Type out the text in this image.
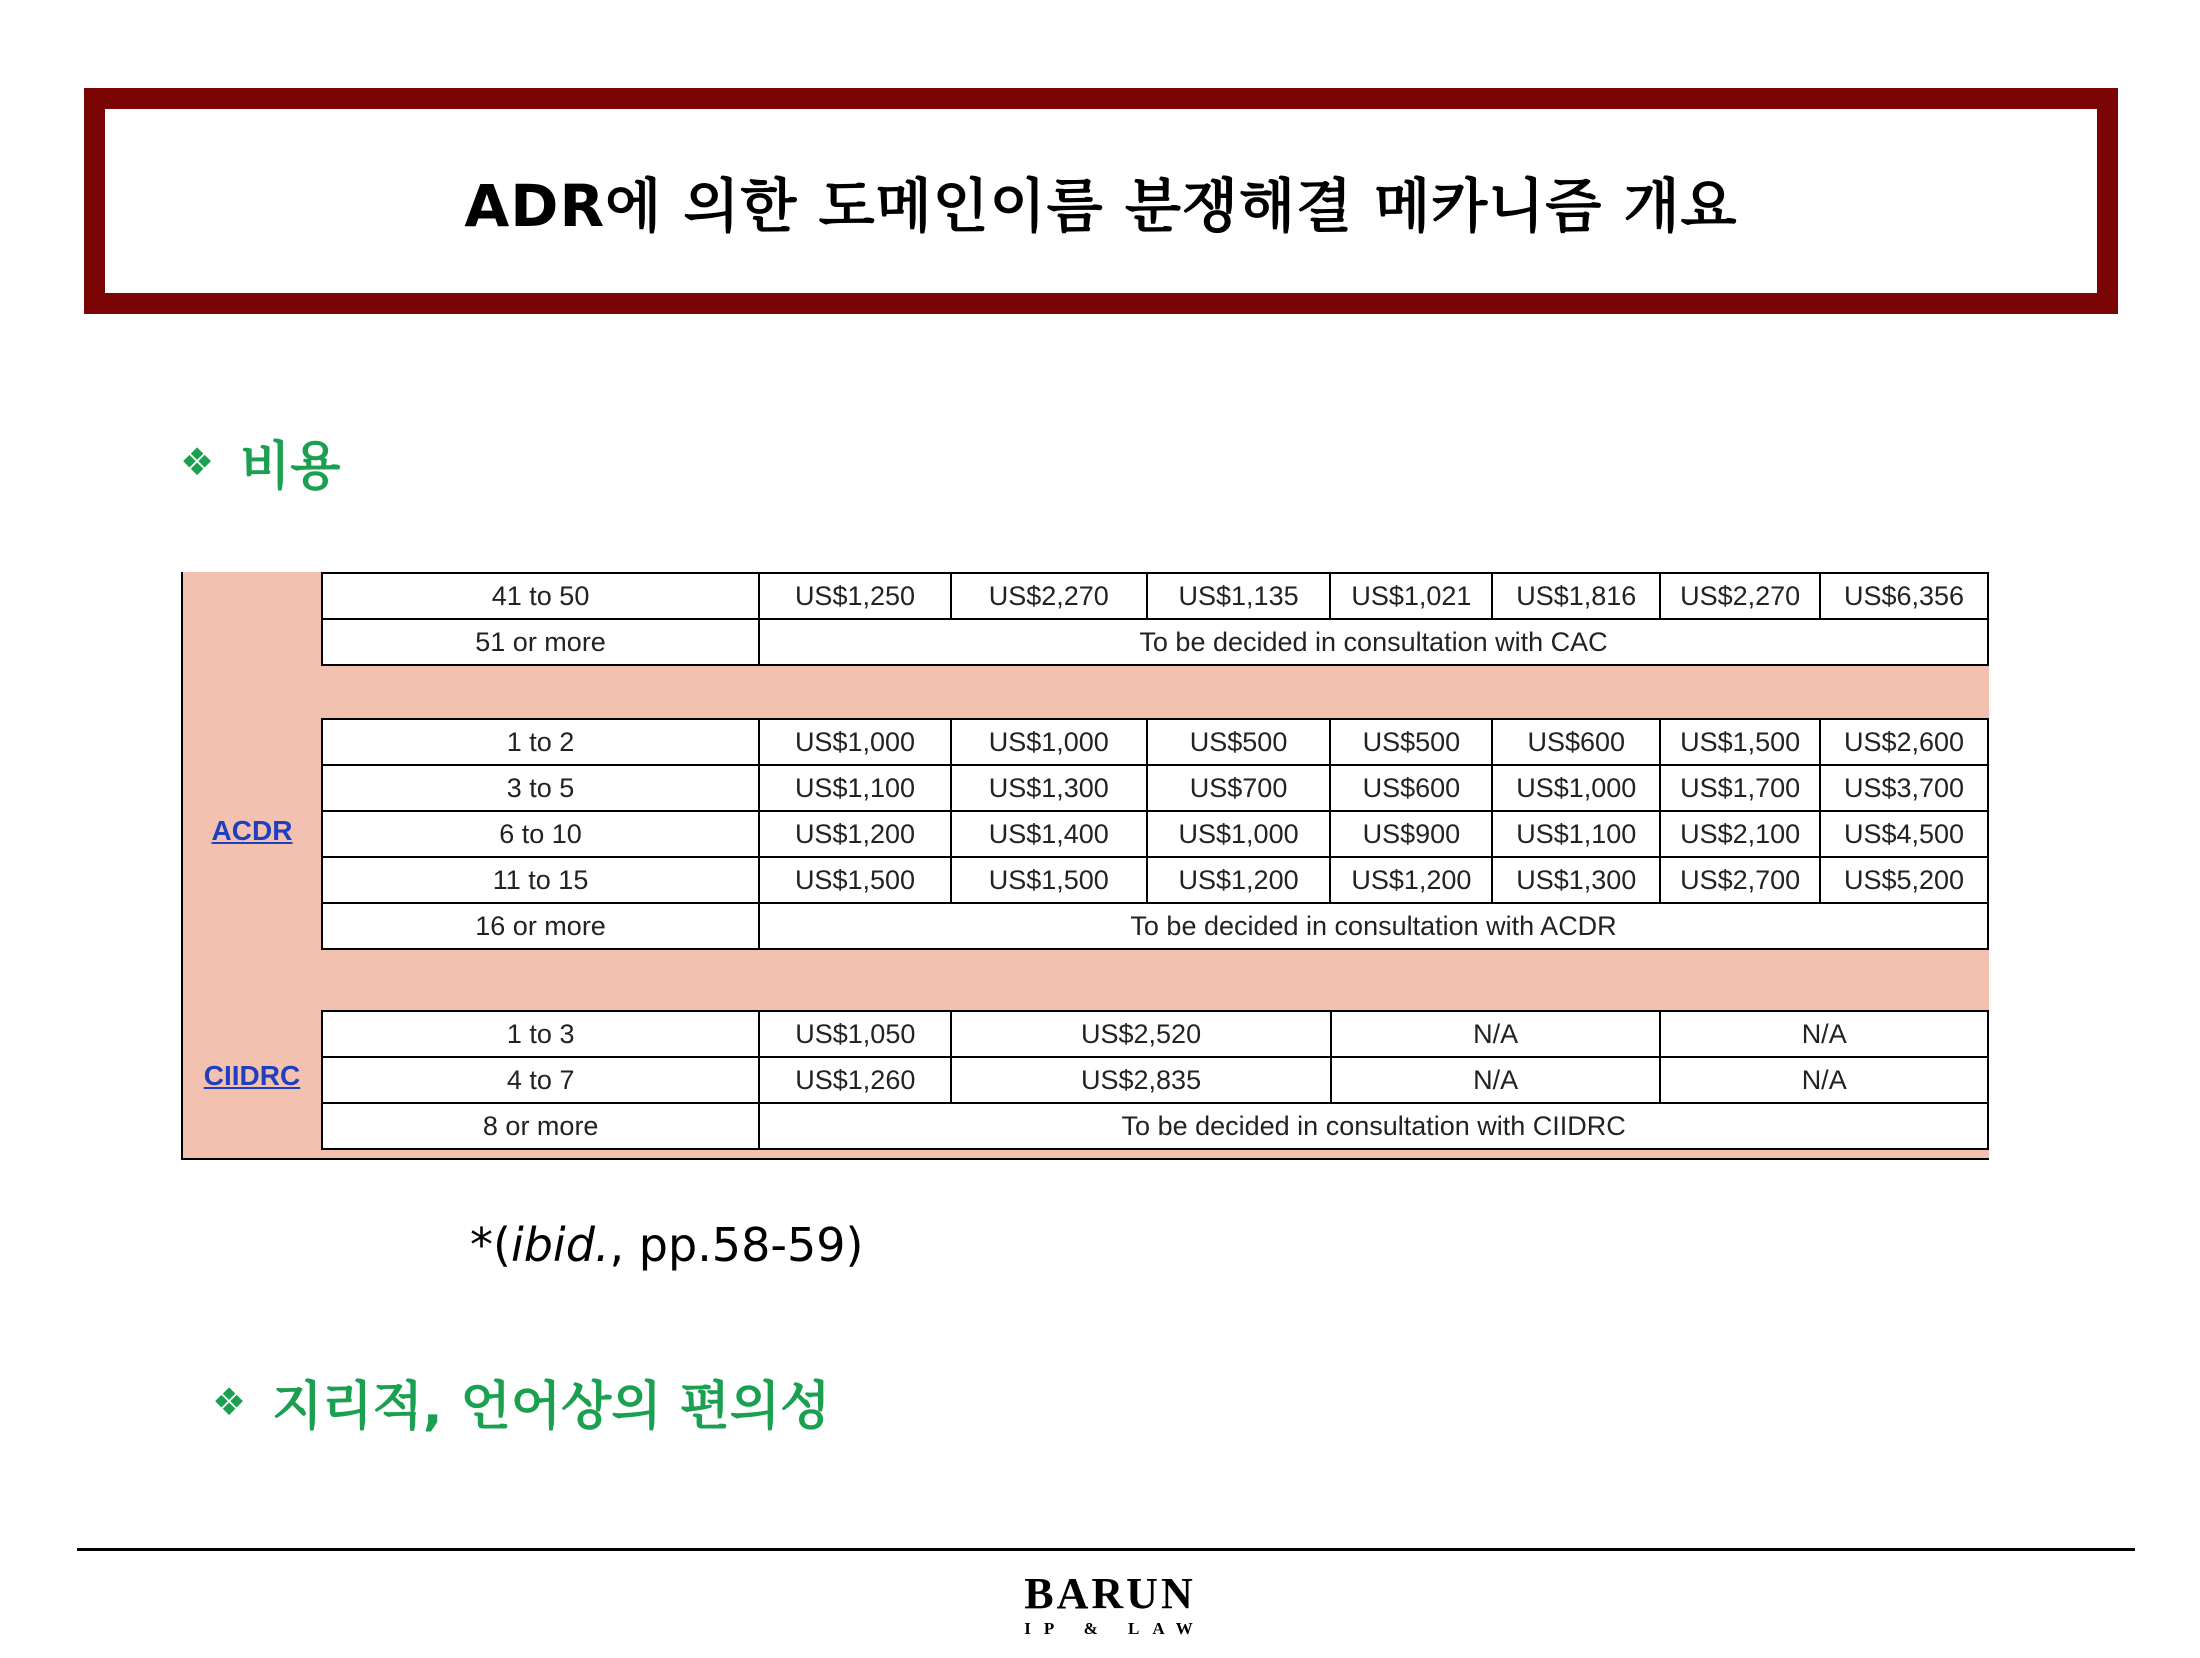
ADR에 의한 도메인이름 분쟁해결 메카니즘 개요
❖ 비용
ACDR
CIIDRC
41 to 50	US$1,250	US$2,270	US$1,135	US$1,021	US$1,816	US$2,270	US$6,356
51 or more	To be decided in consultation with CAC						
1 to 2	US$1,000	US$1,000	US$500	US$500	US$600	US$1,500	US$2,600
3 to 5	US$1,100	US$1,300	US$700	US$600	US$1,000	US$1,700	US$3,700
6 to 10	US$1,200	US$1,400	US$1,000	US$900	US$1,100	US$2,100	US$4,500
11 to 15	US$1,500	US$1,500	US$1,200	US$1,200	US$1,300	US$2,700	US$5,200
16 or more	To be decided in consultation with ACDR						
1 to 3	US$1,050	US$2,520	N/A	N/A
4 to 7	US$1,260	US$2,835	N/A	N/A
8 or more	To be decided in consultation with CIIDRC			
*(ibid., pp.58-59)
❖ 지리적, 언어상의 편의성
BARUN
IP & LAW
